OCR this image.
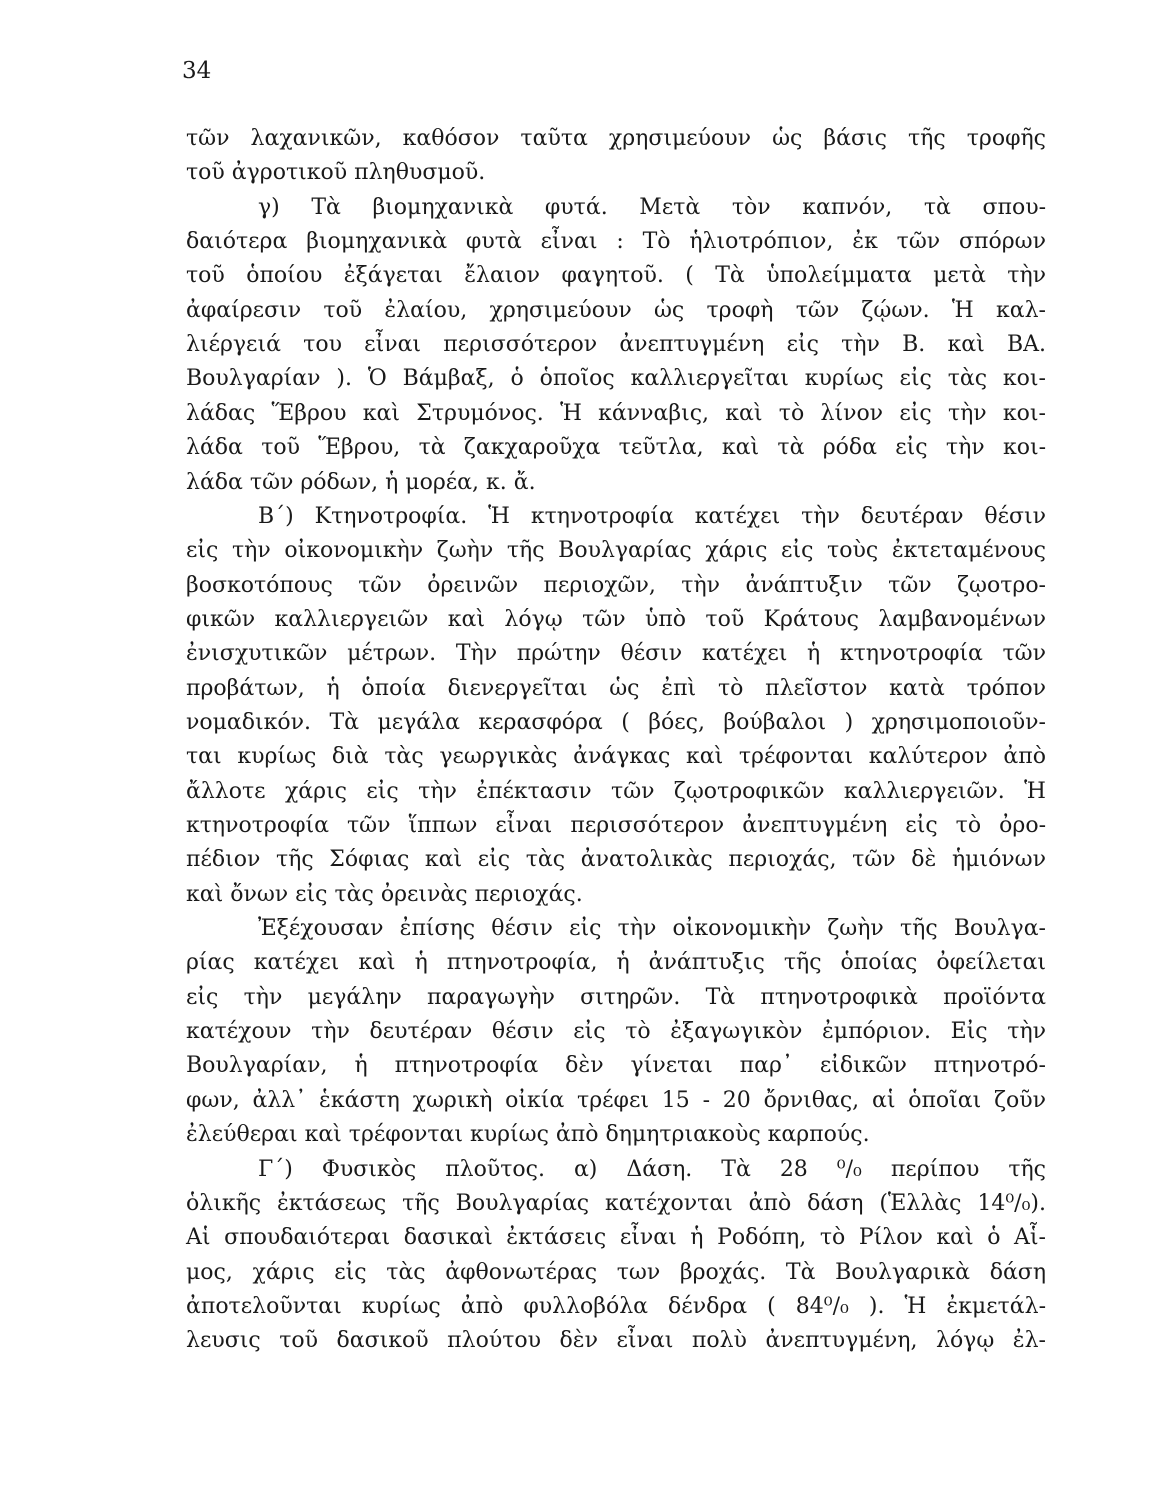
34
τῶν λαχανικῶν, καθόσον ταῦτα χρησιμεύουν ὡς βάσις τῆς τροφῆς
τοῦ ἀγροτικοῦ πληθυσμοῦ.
γ) Τὰ βιομηχανικὰ φυτά. Μετὰ τὸν καπνόν, τὰ σπου-
δαιότερα βιομηχανικὰ φυτὰ εἶναι : Τὸ ἡλιοτρόπιον, ἐκ τῶν σπόρων
τοῦ ὁποίου ἐξάγεται ἔλαιον φαγητοῦ. ( Τὰ ὑπολείμματα μετὰ τὴν
ἀφαίρεσιν τοῦ ἐλαίου, χρησιμεύουν ὡς τροφὴ τῶν ζῴων. Ἡ καλ-
λιέργειά του εἶναι περισσότερον ἀνεπτυγμένη εἰς τὴν Β. καὶ ΒΑ.
Βουλγαρίαν ). Ὁ Βάμβαξ, ὁ ὁποῖος καλλιεργεῖται κυρίως εἰς τὰς κοι-
λάδας Ἕβρου καὶ Στρυμόνος. Ἡ κάνναβις, καὶ τὸ λίνον εἰς τὴν κοι-
λάδα τοῦ Ἕβρου, τὰ ζακχαροῦχα τεῦτλα, καὶ τὰ ρόδα εἰς τὴν κοι-
λάδα τῶν ρόδων, ἡ μορέα, κ. ἄ.
Β΄) Κτηνοτροφία. Ἡ κτηνοτροφία κατέχει τὴν δευτέραν θέσιν
εἰς τὴν οἰκονομικὴν ζωὴν τῆς Βουλγαρίας χάρις εἰς τοὺς ἐκτεταμένους
βοσκοτόπους τῶν ὀρεινῶν περιοχῶν, τὴν ἀνάπτυξιν τῶν ζῳοτρο-
φικῶν καλλιεργειῶν καὶ λόγῳ τῶν ὑπὸ τοῦ Κράτους λαμβανομένων
ἐνισχυτικῶν μέτρων. Τὴν πρώτην θέσιν κατέχει ἡ κτηνοτροφία τῶν
προβάτων, ἡ ὁποία διενεργεῖται ὡς ἐπὶ τὸ πλεῖστον κατὰ τρόπον
νομαδικόν. Τὰ μεγάλα κερασφόρα ( βόες, βούβαλοι ) χρησιμοποιοῦν-
ται κυρίως διὰ τὰς γεωργικὰς ἀνάγκας καὶ τρέφονται καλύτερον ἀπὸ
ἄλλοτε χάρις εἰς τὴν ἐπέκτασιν τῶν ζῳοτροφικῶν καλλιεργειῶν. Ἡ
κτηνοτροφία τῶν ἵππων εἶναι περισσότερον ἀνεπτυγμένη εἰς τὸ ὀρο-
πέδιον τῆς Σόφιας καὶ εἰς τὰς ἀνατολικὰς περιοχάς, τῶν δὲ ἡμιόνων
καὶ ὄνων εἰς τὰς ὀρεινὰς περιοχάς.
Ἐξέχουσαν ἐπίσης θέσιν εἰς τὴν οἰκονομικὴν ζωὴν τῆς Βουλγα-
ρίας κατέχει καὶ ἡ πτηνοτροφία, ἡ ἀνάπτυξις τῆς ὁποίας ὀφείλεται
εἰς τὴν μεγάλην παραγωγὴν σιτηρῶν. Τὰ πτηνοτροφικὰ προϊόντα
κατέχουν τὴν δευτέραν θέσιν εἰς τὸ ἐξαγωγικὸν ἐμπόριον. Εἰς τὴν
Βουλγαρίαν, ἡ πτηνοτροφία δὲν γίνεται παρ᾿ εἰδικῶν πτηνοτρό-
φων, ἀλλ᾿ ἑκάστη χωρικὴ οἰκία τρέφει 15 - 20 ὄρνιθας, αἱ ὁποῖαι ζοῦν
ἐλεύθεραι καὶ τρέφονται κυρίως ἀπὸ δημητριακοὺς καρπούς.
Γ΄) Φυσικὸς πλοῦτος. α) Δάση. Τὰ 28 ⁰/₀ περίπου τῆς
ὁλικῆς ἐκτάσεως τῆς Βουλγαρίας κατέχονται ἀπὸ δάση (Ἑλλὰς 14⁰/₀).
Αἱ σπουδαιότεραι δασικαὶ ἐκτάσεις εἶναι ἡ Ροδόπη, τὸ Ρίλον καὶ ὁ Αἷ-
μος, χάρις εἰς τὰς ἀφθονωτέρας των βροχάς. Τὰ Βουλγαρικὰ δάση
ἀποτελοῦνται κυρίως ἀπὸ φυλλοβόλα δένδρα ( 84⁰/₀ ). Ἡ ἐκμετάλ-
λευσις τοῦ δασικοῦ πλούτου δὲν εἶναι πολὺ ἀνεπτυγμένη, λόγῳ ἐλ-
